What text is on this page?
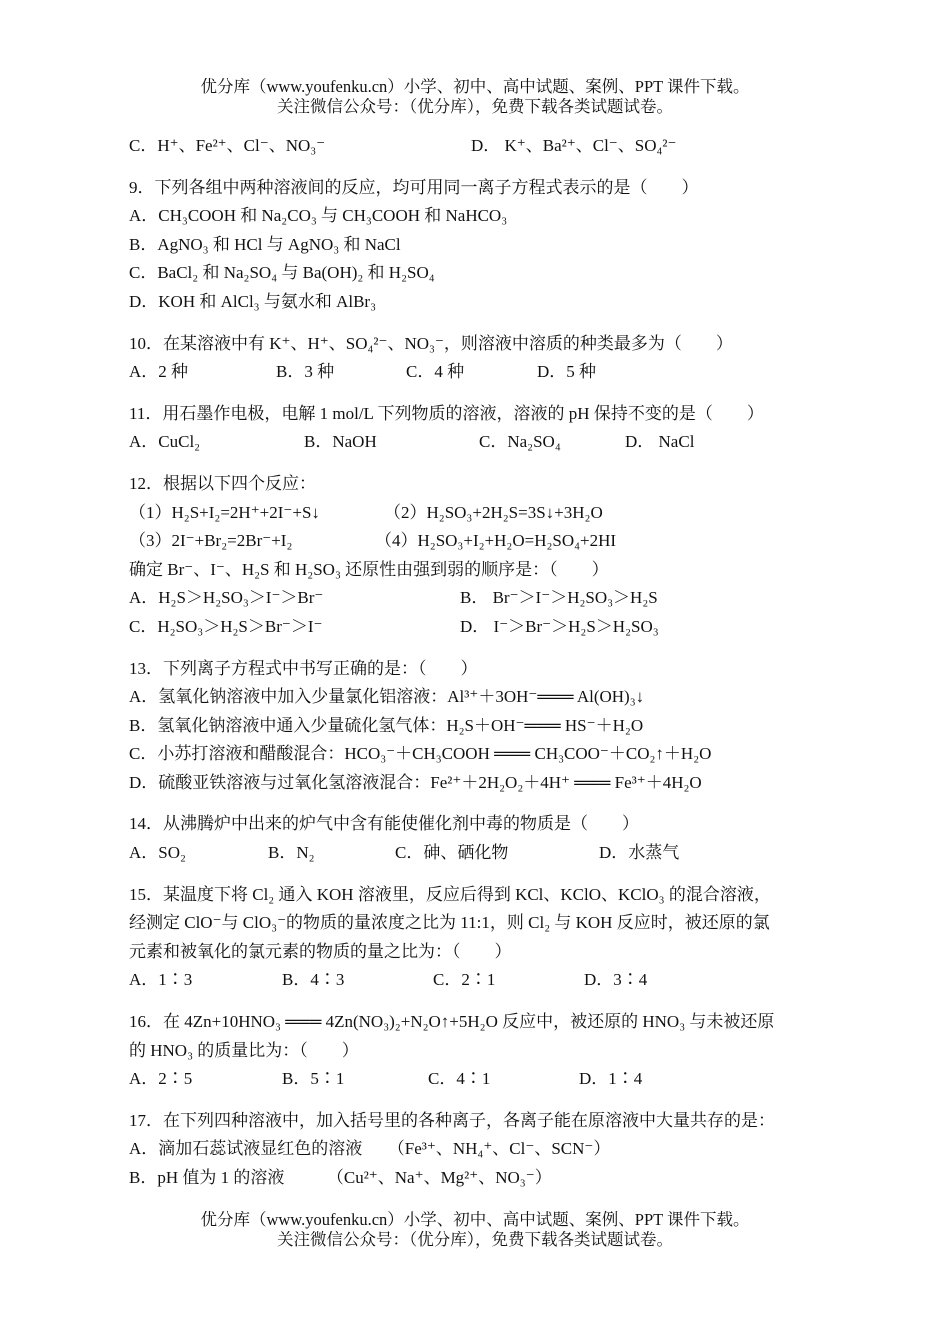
优分库（www.youfenku.cn）小学、初中、高中试题、案例、PPT 课件下载。
关注微信公众号：（优分库），免费下载各类试题试卷。
C．H⁺、Fe²⁺、Cl⁻、NO₃⁻	D． K⁺、Ba²⁺、Cl⁻、SO₄²⁻
9．下列各组中两种溶液间的反应，均可用同一离子方程式表示的是（　　）
A．CH₃COOH 和 Na₂CO₃ 与 CH₃COOH 和 NaHCO₃
B．AgNO₃ 和 HCl 与 AgNO₃ 和 NaCl
C．BaCl₂ 和 Na₂SO₄ 与 Ba(OH)₂ 和 H₂SO₄
D．KOH 和 AlCl₃ 与氨水和 AlBr₃
10．在某溶液中有 K⁺、H⁺、SO₄²⁻、NO₃⁻，则溶液中溶质的种类最多为（　　）
A．2 种	B．3 种	C．4 种	D．5 种
11．用石墨作电极，电解 1 mol/L 下列物质的溶液，溶液的 pH 保持不变的是（　　）
A．CuCl₂	B．NaOH	C．Na₂SO₄	D． NaCl
12．根据以下四个反应：
（1）H₂S+I₂=2H⁺+2I⁻+S↓	（2）H₂SO₃+2H₂S=3S↓+3H₂O
（3）2I⁻+Br₂=2Br⁻+I₂	（4）H₂SO₃+I₂+H₂O=H₂SO₄+2HI
确定 Br⁻、I⁻、H₂S 和 H₂SO₃ 还原性由强到弱的顺序是：（　　）
A．H₂S＞H₂SO₃＞I⁻＞Br⁻	B． Br⁻＞I⁻＞H₂SO₃＞H₂S
C．H₂SO₃＞H₂S＞Br⁻＞I⁻	D． I⁻＞Br⁻＞H₂S＞H₂SO₃
13．下列离子方程式中书写正确的是：（　　）
A．氢氧化钠溶液中加入少量氯化铝溶液：Al³⁺＋3OH⁻═══ Al(OH)₃↓
B．氢氧化钠溶液中通入少量硫化氢气体：H₂S＋OH⁻═══ HS⁻＋H₂O
C．小苏打溶液和醋酸混合：HCO₃⁻＋CH₃COOH ═══ CH₃COO⁻＋CO₂↑＋H₂O
D．硫酸亚铁溶液与过氧化氢溶液混合：Fe²⁺＋2H₂O₂＋4H⁺ ═══ Fe³⁺＋4H₂O
14．从沸腾炉中出来的炉气中含有能使催化剂中毒的物质是（　　）
A．SO₂	B．N₂	C．砷、硒化物	D．水蒸气
15．某温度下将 Cl₂ 通入 KOH 溶液里，反应后得到 KCl、KClO、KClO₃ 的混合溶液，
经测定 ClO⁻与 ClO₃⁻的物质的量浓度之比为 11:1，则 Cl₂ 与 KOH 反应时，被还原的氯
元素和被氧化的氯元素的物质的量之比为：（　　）
A．1∶3	B．4∶3	C．2∶1	D．3∶4
16．在 4Zn+10HNO₃ ═══ 4Zn(NO₃)₂+N₂O↑+5H₂O 反应中，被还原的 HNO₃ 与未被还原
的 HNO₃ 的质量比为：（　　）
A．2∶5	B．5∶1	C．4∶1	D．1∶4
17．在下列四种溶液中，加入括号里的各种离子，各离子能在原溶液中大量共存的是：
A．滴加石蕊试液显红色的溶液　　（Fe³⁺、NH₄⁺、Cl⁻、SCN⁻）
B．pH 值为 1 的溶液　　　（Cu²⁺、Na⁺、Mg²⁺、NO₃⁻）
优分库（www.youfenku.cn）小学、初中、高中试题、案例、PPT 课件下载。
关注微信公众号：（优分库），免费下载各类试题试卷。
